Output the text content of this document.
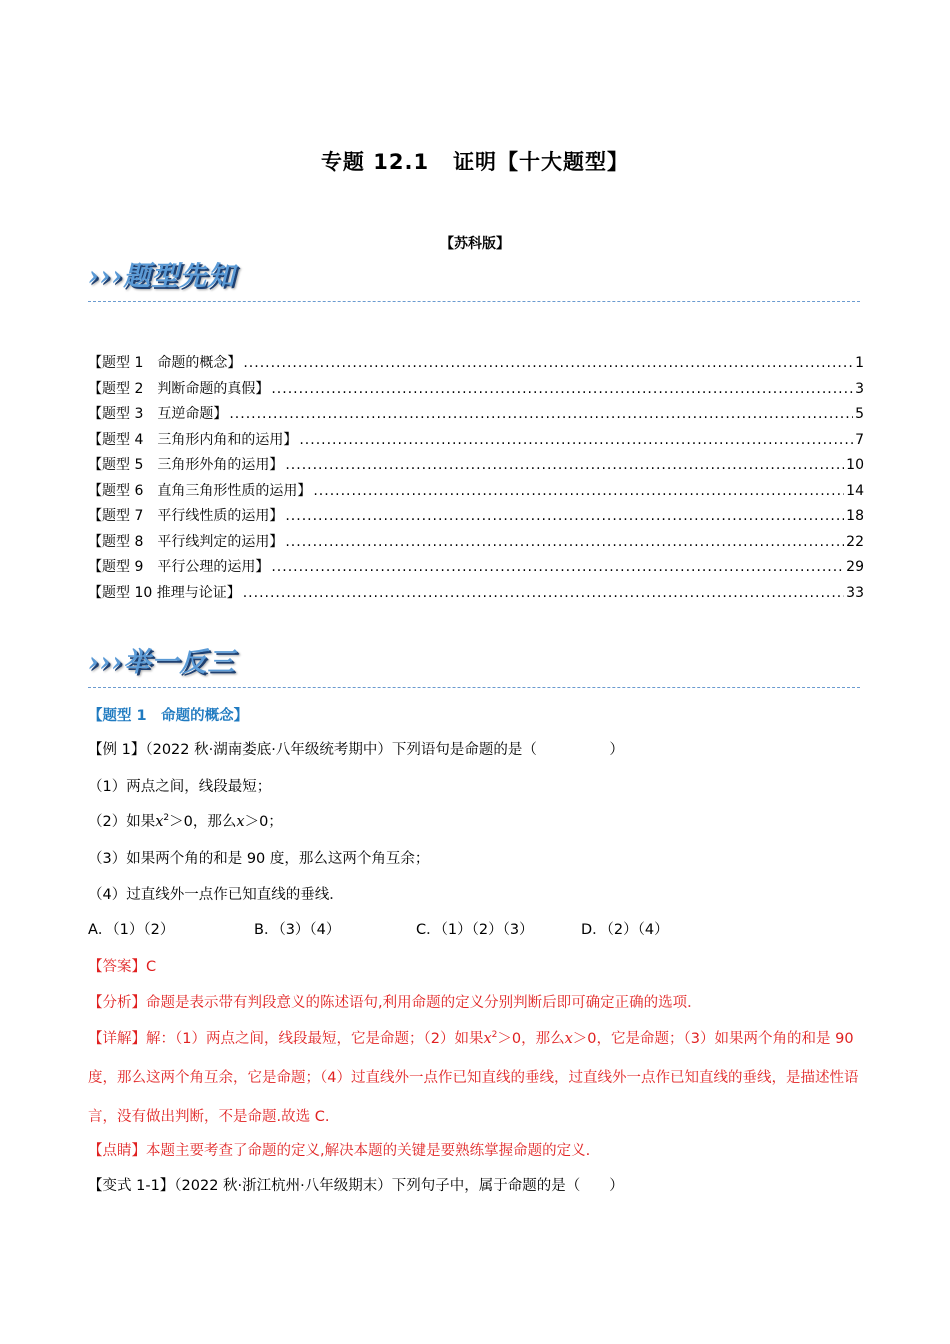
专题 12.1 证明【十大题型】
【苏科版】
›››题型先知
【题型 1　命题的概念】 .....	1
【题型 2　判断命题的真假】 .....	3
【题型 3　互逆命题】 .....	5
【题型 4　三角形内角和的运用】 .....	7
【题型 5　三角形外角的运用】 .....	10
【题型 6　直角三角形性质的运用】 .....	14
【题型 7　平行线性质的运用】 .....	18
【题型 8　平行线判定的运用】 .....	22
【题型 9　平行公理的运用】 .....	29
【题型 10 推理与论证】 .....	33
›››举一反三
【题型 1　命题的概念】
【例 1】（2022 秋·湖南娄底·八年级统考期中）下列语句是命题的是（　　　　　）
（1）两点之间，线段最短；
（2）如果$x^2>0$，那么x＞0；
（3）如果两个角的和是 90 度，那么这两个角互余；
（4）过直线外一点作已知直线的垂线．
A．（1）（2）	B．（3）（4）	C．（1）（2）（3）	D．（2）（4）
【答案】C
【分析】命题是表示带有判段意义的陈述语句,利用命题的定义分别判断后即可确定正确的选项．
【详解】解：（1）两点之间，线段最短，它是命题；（2）如果$x^2>0$，那么x＞0，它是命题；（3）如果两个角的和是 90 度，那么这两个角互余，它是命题；（4）过直线外一点作已知直线的垂线，过直线外一点作已知直线的垂线，是描述性语言，没有做出判断，不是命题.故选 C.
【点睛】本题主要考查了命题的定义,解决本题的关键是要熟练掌握命题的定义.
【变式 1-1】（2022 秋·浙江杭州·八年级期末）下列句子中，属于命题的是（　　）
